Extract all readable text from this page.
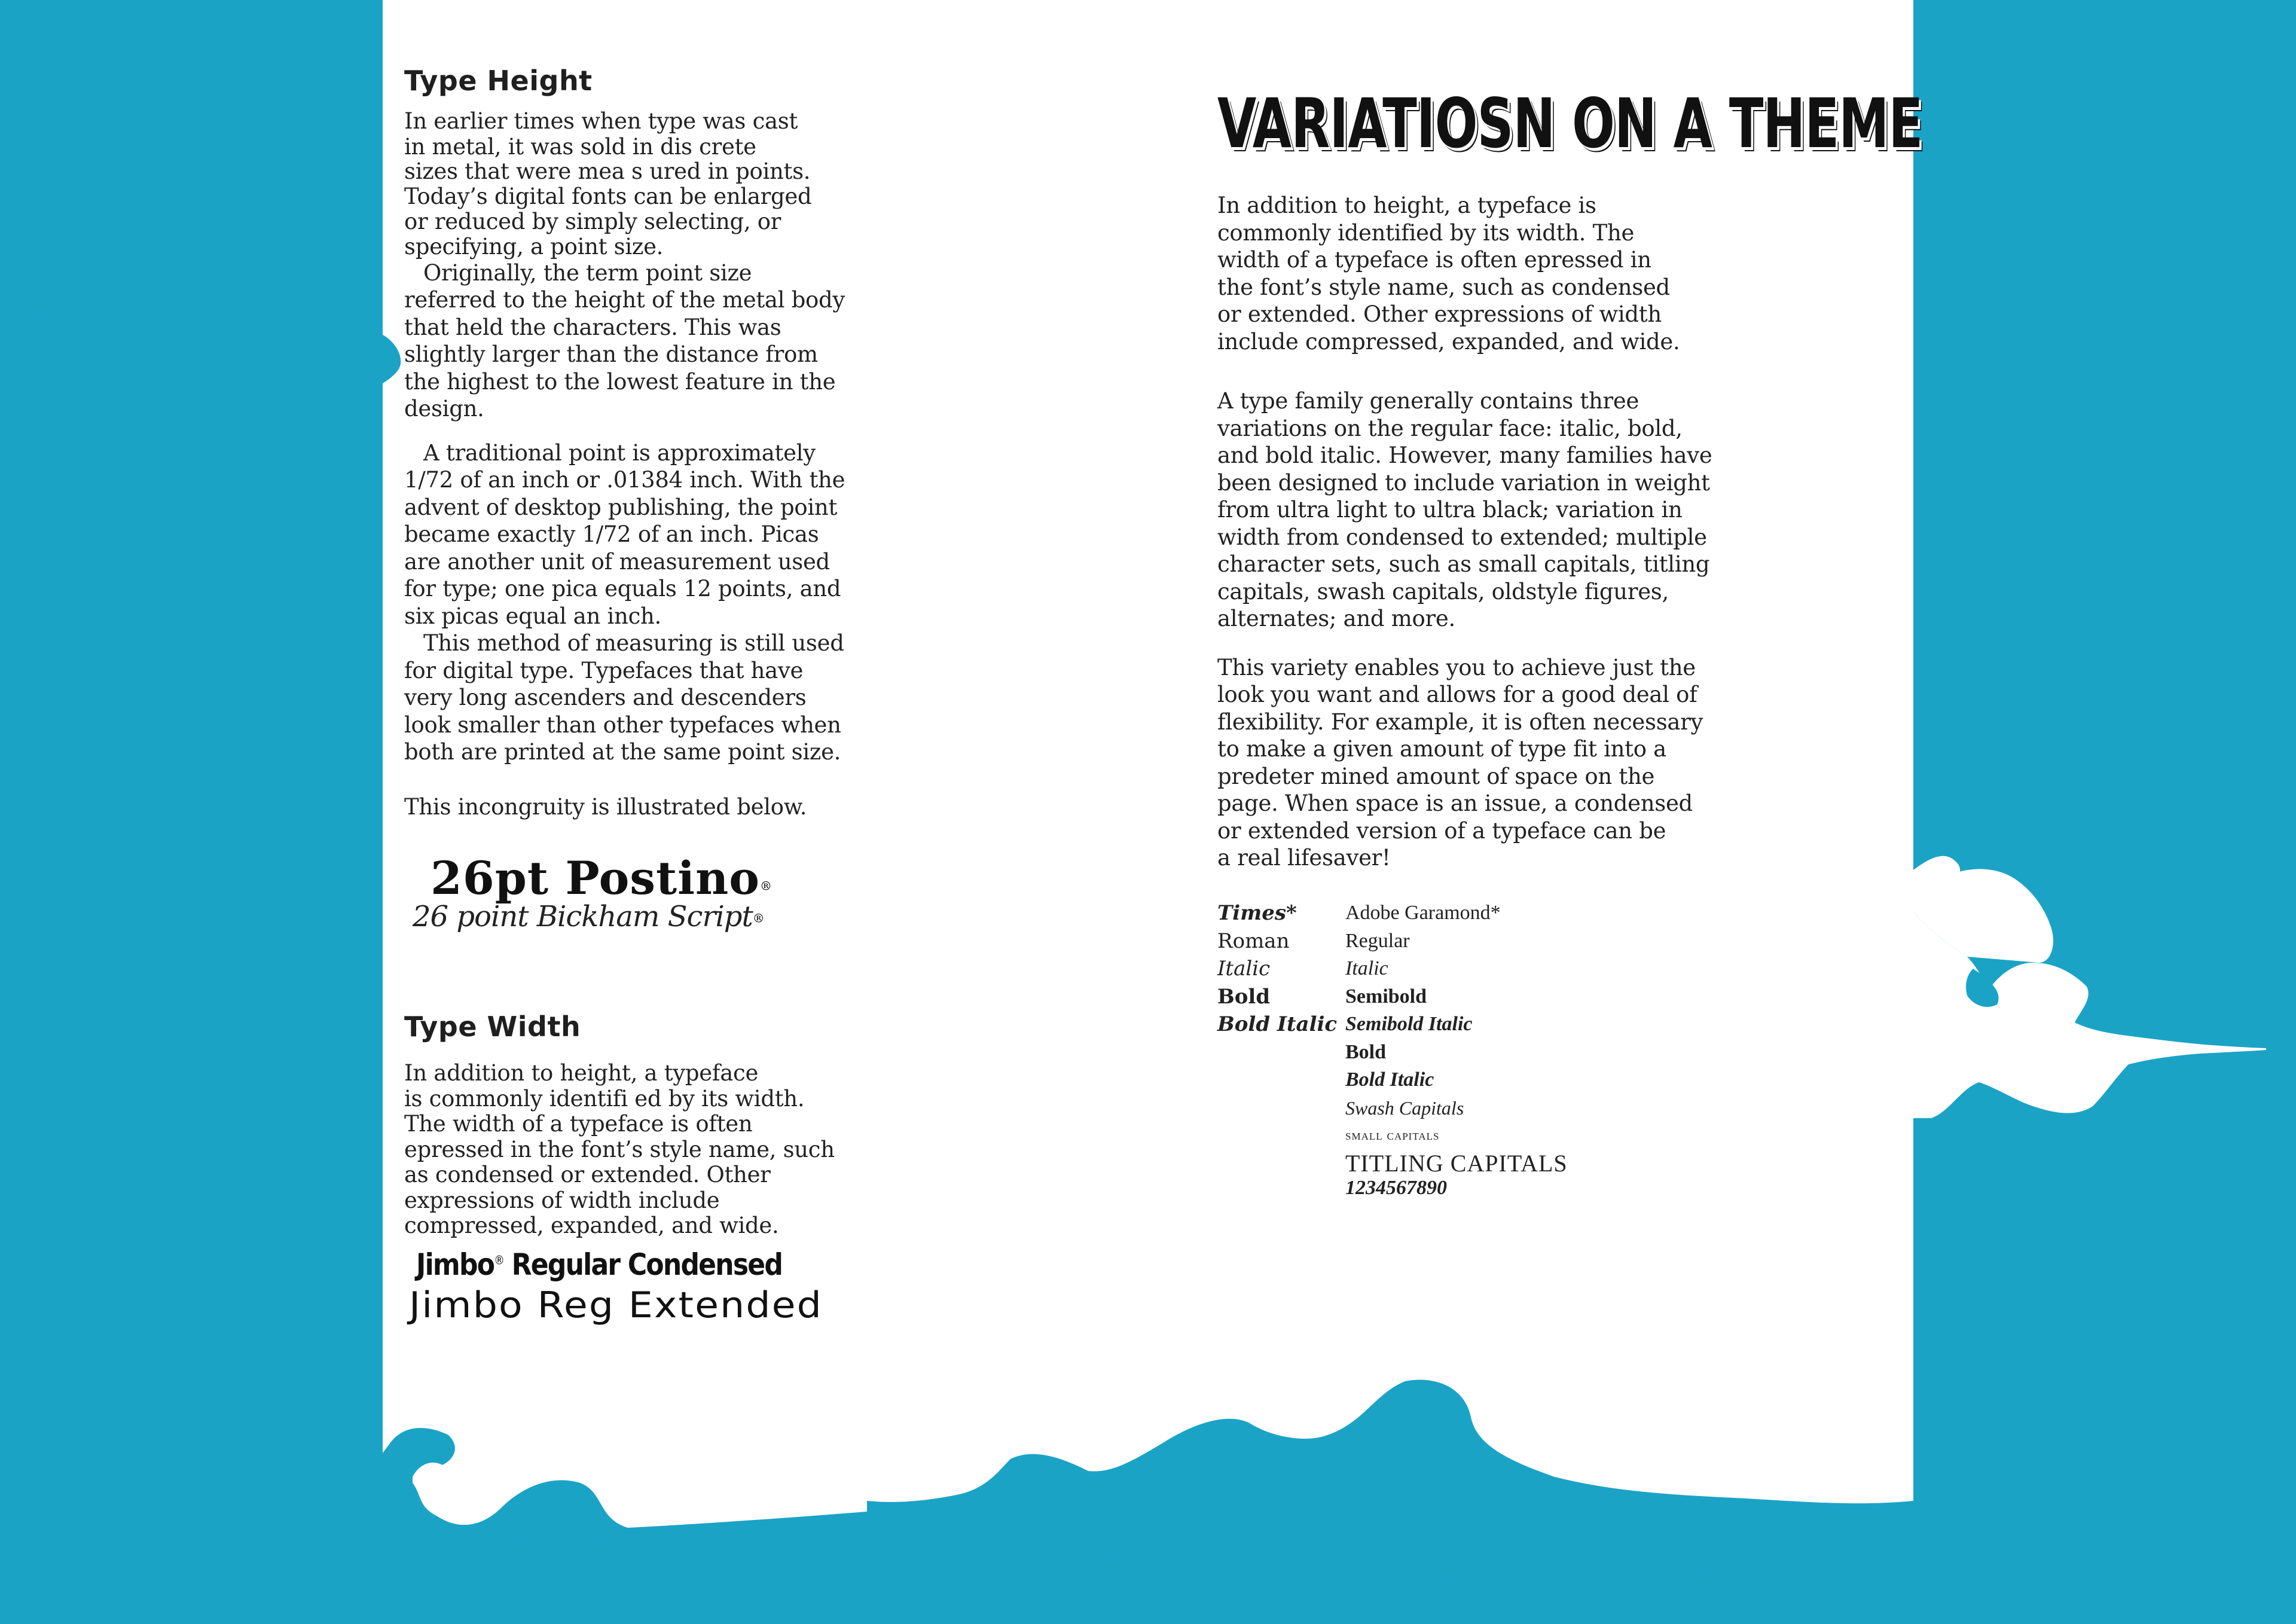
Type Height
In earlier times when type was cast
in metal, it was sold in dis crete
sizes that were mea s ured in points.
Today’s digital fonts can be enlarged
or reduced by simply selecting, or
specifying, a point size.

Originally, the term point size referred to the height of the metal body that held the characters. This was slightly larger than the distance from the highest to the lowest feature in the design.

A traditional point is approximately 1/72 of an inch or .01384 inch. With the advent of desktop publishing, the point became exactly 1/72 of an inch. Picas are another unit of measurement used for type; one pica equals 12 points, and six picas equal an inch.

This method of measuring is still used for digital type. Typefaces that have very long ascenders and descenders look smaller than other typefaces when both are printed at the same point size.

This incongruity is illustrated below.

26pt Postino®
26 point Bickham Script®
Type Width
In addition to height, a typeface
is commonly identifi ed by its width.
The width of a typeface is often
epressed in the font’s style name, such
as condensed or extended. Other
expressions of width include
compressed, expanded, and wide.
Jimbo® Regular Condensed
Jimbo Reg Extended
VARIATIOSN ON A THEME
In addition to height, a typeface is
commonly identified by its width. The
width of a typeface is often epressed in
the font’s style name, such as condensed
or extended. Other expressions of width
include compressed, expanded, and wide.
A type family generally contains three
variations on the regular face: italic, bold,
and bold italic. However, many families have
been designed to include variation in weight
from ultra light to ultra black; variation in
width from condensed to extended; multiple
character sets, such as small capitals, titling
capitals, swash capitals, oldstyle figures,
alternates; and more.
This variety enables you to achieve just the
look you want and allows for a good deal of
flexibility. For example, it is often necessary
to make a given amount of type fit into a
predeter mined amount of space on the
page. When space is an issue, a condensed
or extended version of a typeface can be
a real lifesaver!
Times*
Roman
Italic
Bold
Bold Italic
Adobe Garamond*
Regular
Italic
Semibold
Semibold Italic
Bold
Bold Italic
Swash Capitals
small capitals
TITLING CAPITALS
1234567890
